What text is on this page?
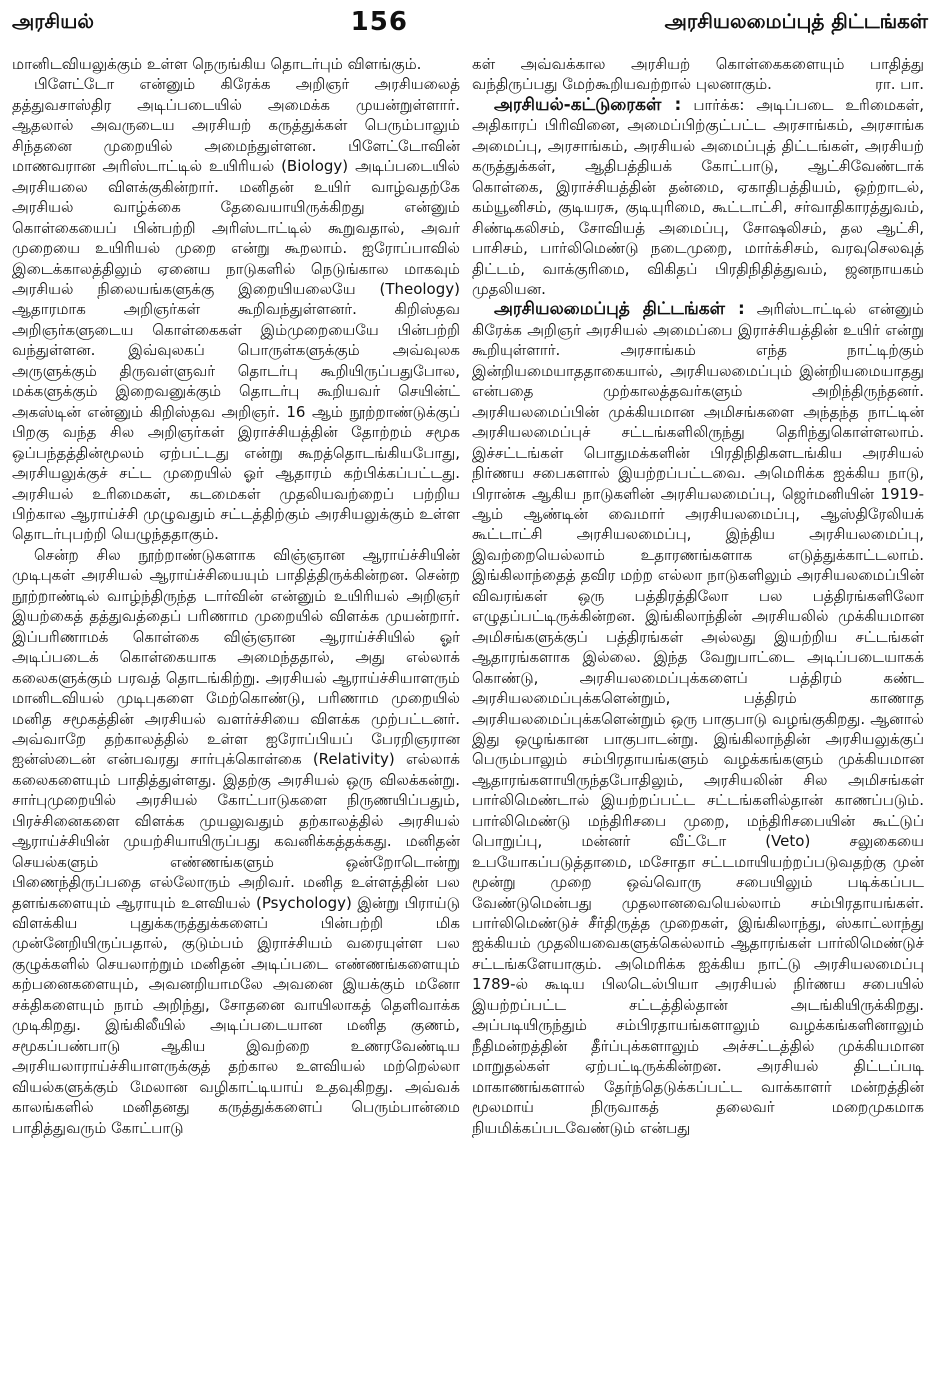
அரசியல்	156	அரசியலமைப்புத் திட்டங்கள்

மானிடவியலுக்கும் உள்ள நெருங்கிய தொடர்பும் விளங்கும்.

பிளேட்டோ என்னும் கிரேக்க அறிஞர் அரசியலைத் தத்துவசாஸ்திர அடிப்படையில் அமைக்க முயன்றுள்ளார். ஆதலால் அவருடைய அரசியற் கருத்துக்கள் பெரும்பாலும் சிந்தனை முறையில் அமைந்துள்ளன. பிளேட்டோவின் மாணவரான அரிஸ்டாட்டில் உயிரியல் (Biology) அடிப்படையில் அரசியலை விளக்குகின்றார். மனிதன் உயிர் வாழ்வதற்கே அரசியல் வாழ்க்கை தேவையாயிருக்கிறது என்னும் கொள்கையைப் பின்பற்றி அரிஸ்டாட்டில் கூறுவதால், அவர் முறையை உயிரியல் முறை என்று கூறலாம். ஐரோப்பாவில் இடைக்காலத்திலும் ஏனைய நாடுகளில் நெடுங்கால மாகவும் அரசியல் நிலையங்களுக்கு இறையியலையே (Theology) ஆதாரமாக அறிஞர்கள் கூறிவந்துள்ளனர். கிறிஸ்தவ அறிஞர்களுடைய கொள்கைகள் இம்முறையையே பின்பற்றி வந்துள்ளன. இவ்வுலகப் பொருள்களுக்கும் அவ்வுலக அருளுக்கும் திருவள்ளுவர் தொடர்பு கூறியிருப்பதுபோல, மக்களுக்கும் இறைவனுக்கும் தொடர்பு கூறியவர் செயின்ட் அகஸ்டின் என்னும் கிறிஸ்தவ அறிஞர். 16 ஆம் நூற்றாண்டுக்குப் பிறகு வந்த சில அறிஞர்கள் இராச்சியத்தின் தோற்றம் சமூக ஒப்பந்தத்தின்மூலம் ஏற்பட்டது என்று கூறத்தொடங்கியபோது, அரசியலுக்குச் சட்ட முறையில் ஓர் ஆதாரம் கற்பிக்கப்பட்டது. அரசியல் உரிமைகள், கடமைகள் முதலியவற்றைப் பற்றிய பிற்கால ஆராய்ச்சி முழுவதும் சட்டத்திற்கும் அரசியலுக்கும் உள்ள தொடர்புபற்றி யெழுந்ததாகும்.

சென்ற சில நூற்றாண்டுகளாக விஞ்ஞான ஆராய்ச்சியின் முடிபுகள் அரசியல் ஆராய்ச்சியையும் பாதித்திருக்கின்றன. சென்ற நூற்றாண்டில் வாழ்ந்திருந்த டார்வின் என்னும் உயிரியல் அறிஞர் இயற்கைத் தத்துவத்தைப் பரிணாம முறையில் விளக்க முயன்றார். இப்பரிணாமக் கொள்கை விஞ்ஞான ஆராய்ச்சியில் ஓர் அடிப்படைக் கொள்கையாக அமைந்ததால், அது எல்லாக் கலைகளுக்கும் பரவத் தொடங்கிற்று. அரசியல் ஆராய்ச்சியாளரும் மானிடவியல் முடிபுகளை மேற்கொண்டு, பரிணாம முறையில் மனித சமூகத்தின் அரசியல் வளர்ச்சியை விளக்க முற்பட்டனர். அவ்வாறே தற்காலத்தில் உள்ள ஐரோப்பியப் பேரறிஞரான ஐன்ஸ்டைன் என்பவரது சார்புக்கொள்கை (Relativity) எல்லாக் கலைகளையும் பாதித்துள்ளது. இதற்கு அரசியல் ஒரு விலக்கன்று. சார்புமுறையில் அரசியல் கோட்பாடுகளை நிருணயிப்பதும், பிரச்சினைகளை விளக்க முயலுவதும் தற்காலத்தில் அரசியல் ஆராய்ச்சியின் முயற்சியாயிருப்பது கவனிக்கத்தக்கது. மனிதன் செயல்களும் எண்ணங்களும் ஒன்றோடொன்று பிணைந்திருப்பதை எல்லோரும் அறிவர். மனித உள்ளத்தின் பல தளங்களையும் ஆராயும் உளவியல் (Psychology) இன்று பிராய்டு விளக்கிய புதுக்கருத்துக்களைப் பின்பற்றி மிக முன்னேறியிருப்பதால், குடும்பம் இராச்சியம் வரையுள்ள பல குழுக்களில் செயலாற்றும் மனிதன் அடிப்படை எண்ணங்களையும் கற்பனைகளையும், அவனறியாமலே அவனை இயக்கும் மனோ சக்திகளையும் நாம் அறிந்து, சோதனை வாயிலாகத் தெளிவாக்க முடிகிறது. இங்கிலீயில் அடிப்படையான மனித குணம், சமூகப்பண்பாடு ஆகிய இவற்றை உணரவேண்டிய அரசியலாராய்ச்சியாளருக்குத் தற்கால உளவியல் மற்றெல்லா வியல்களுக்கும் மேலான வழிகாட்டியாய் உதவுகிறது. அவ்வக் காலங்களில் மனிதனது கருத்துக்களைப் பெரும்பான்மை பாதித்துவரும் கோட்பாடு

கள் அவ்வக்கால அரசியற் கொள்கைகளையும் பாதித்து வந்திருப்பது மேற்கூறியவற்றால் புலனாகும்.	ரா. பா.

அரசியல்-கட்டுரைகள் : பார்க்க: அடிப்படை உரிமைகள், அதிகாரப் பிரிவினை, அமைப்பிற்குட்பட்ட அரசாங்கம், அரசாங்க அமைப்பு, அரசாங்கம், அரசியல் அமைப்புத் திட்டங்கள், அரசியற் கருத்துக்கள், ஆதிபத்தியக் கோட்பாடு, ஆட்சிவேண்டாக் கொள்கை, இராச்சியத்தின் தன்மை, ஏகாதிபத்தியம், ஒற்றாடல், கம்யூனிசம், குடியரசு, குடியுரிமை, கூட்டாட்சி, சர்வாதிகாரத்துவம், சிண்டிகலிசம், சோவியத் அமைப்பு, சோஷலிசம், தல ஆட்சி, பாசிசம், பார்லிமெண்டு நடைமுறை, மார்க்சிசம், வரவுசெலவுத் திட்டம், வாக்குரிமை, விகிதப் பிரதிநிதித்துவம், ஜனநாயகம் முதலியன.

அரசியலமைப்புத் திட்டங்கள் : அரிஸ்டாட்டில் என்னும் கிரேக்க அறிஞர் அரசியல் அமைப்பை இராச்சியத்தின் உயிர் என்று கூறியுள்ளார். அரசாங்கம் எந்த நாட்டிற்கும் இன்றியமையாததாகையால், அரசியலமைப்பும் இன்றியமையாதது என்பதை முற்காலத்தவர்களும் அறிந்திருந்தனர். அரசியலமைப்பின் முக்கியமான அமிசங்களை அந்தந்த நாட்டின் அரசியலமைப்புச் சட்டங்களிலிருந்து தெரிந்துகொள்ளலாம். இச்சட்டங்கள் பொதுமக்களின் பிரதிநிதிகளடங்கிய அரசியல் நிர்ணய சபைகளால் இயற்றப்பட்டவை. அமெரிக்க ஐக்கிய நாடு, பிரான்சு ஆகிய நாடுகளின் அரசியலமைப்பு, ஜெர்மனியின் 1919-ஆம் ஆண்டின் வைமார் அரசியலமைப்பு, ஆஸ்திரேலியக் கூட்டாட்சி அரசியலமைப்பு, இந்திய அரசியலமைப்பு, இவற்றையெல்லாம் உதாரணங்களாக எடுத்துக்காட்டலாம். இங்கிலாந்தைத் தவிர மற்ற எல்லா நாடுகளிலும் அரசியலமைப்பின் விவரங்கள் ஒரு பத்திரத்திலோ பல பத்திரங்களிலோ எழுதப்பட்டிருக்கின்றன. இங்கிலாந்தின் அரசியலில் முக்கியமான அமிசங்களுக்குப் பத்திரங்கள் அல்லது இயற்றிய சட்டங்கள் ஆதாரங்களாக இல்லை. இந்த வேறுபாட்டை அடிப்படையாகக் கொண்டு, அரசியலமைப்புக்களைப் பத்திரம் கண்ட அரசியலமைப்புக்களென்றும், பத்திரம் காணாத அரசியலமைப்புக்களென்றும் ஒரு பாகுபாடு வழங்குகிறது. ஆனால் இது ஒழுங்கான பாகுபாடன்று. இங்கிலாந்தின் அரசியலுக்குப் பெரும்பாலும் சம்பிரதாயங்களும் வழக்கங்களும் முக்கியமான ஆதாரங்களாயிருந்தபோதிலும், அரசியலின் சில அமிசங்கள் பார்லிமெண்டால் இயற்றப்பட்ட சட்டங்களில்தான் காணப்படும். பார்லிமெண்டு மந்திரிசபை முறை, மந்திரிசபையின் கூட்டுப் பொறுப்பு, மன்னர் வீட்டோ (Veto) சலுகையை உபயோகப்படுத்தாமை, மசோதா சட்டமாயியற்றப்படுவதற்கு முன் மூன்று முறை ஒவ்வொரு சபையிலும் படிக்கப்பட வேண்டுமென்பது முதலானவையெல்லாம் சம்பிரதாயங்கள். பார்லிமெண்டுச் சீர்திருத்த முறைகள், இங்கிலாந்து, ஸ்காட்லாந்து ஐக்கியம் முதலியவைகளுக்கெல்லாம் ஆதாரங்கள் பார்லிமெண்டுச் சட்டங்களேயாகும். அமெரிக்க ஐக்கிய நாட்டு அரசியலமைப்பு 1789-ல் கூடிய பிலடெல்பியா அரசியல் நிர்ணய சபையில் இயற்றப்பட்ட சட்டத்தில்தான் அடங்கியிருக்கிறது. அப்படியிருந்தும் சம்பிரதாயங்களாலும் வழக்கங்களினாலும் நீதிமன்றத்தின் தீர்ப்புக்களாலும் அச்சட்டத்தில் முக்கியமான மாறுதல்கள் ஏற்பட்டிருக்கின்றன. அரசியல் திட்டப்படி மாகாணங்களால் தேர்ந்தெடுக்கப்பட்ட வாக்காளர் மன்றத்தின் மூலமாய் நிருவாகத் தலைவர் மறைமுகமாக நியமிக்கப்படவேண்டும் என்பது
